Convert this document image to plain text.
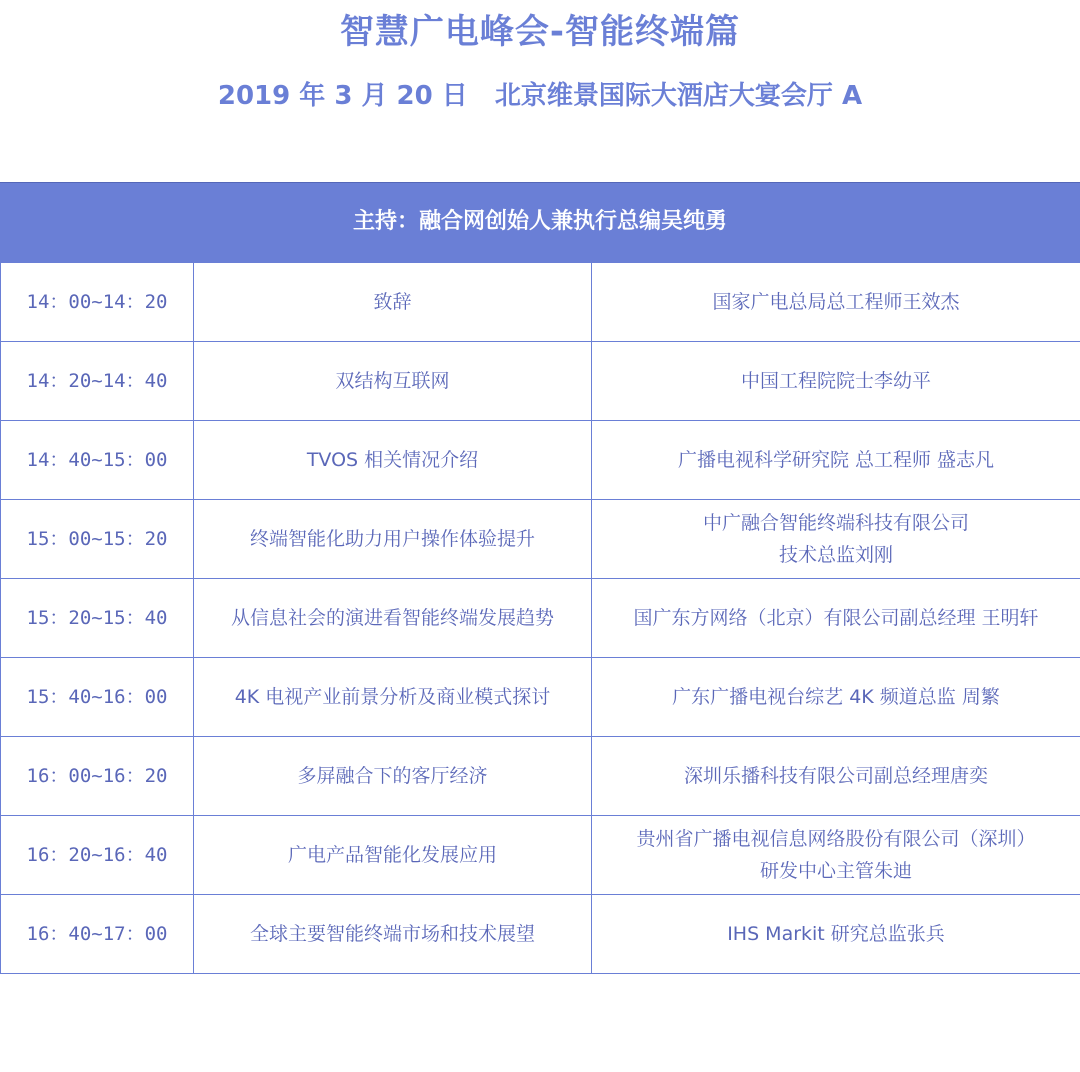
智慧广电峰会-智能终端篇
2019 年 3 月 20 日   北京维景国际大酒店大宴会厅 A
主持：融合网创始人兼执行总编吴纯勇
14：00~14：20	致辞	国家广电总局总工程师王效杰

14：20~14：40	双结构互联网	中国工程院院士李幼平

14：40~15：00	TVOS 相关情况介绍	广播电视科学研究院 总工程师 盛志凡

15：00~15：20	终端智能化助力用户操作体验提升	中广融合智能终端科技有限公司
技术总监刘刚

15：20~15：40	从信息社会的演进看智能终端发展趋势	国广东方网络（北京）有限公司副总经理 王明轩

15：40~16：00	4K 电视产业前景分析及商业模式探讨	广东广播电视台综艺 4K 频道总监 周繁

16：00~16：20	多屏融合下的客厅经济	深圳乐播科技有限公司副总经理唐奕

16：20~16：40	广电产品智能化发展应用	贵州省广播电视信息网络股份有限公司（深圳）
研发中心主管朱迪

16：40~17：00	全球主要智能终端市场和技术展望	IHS Markit 研究总监张兵
